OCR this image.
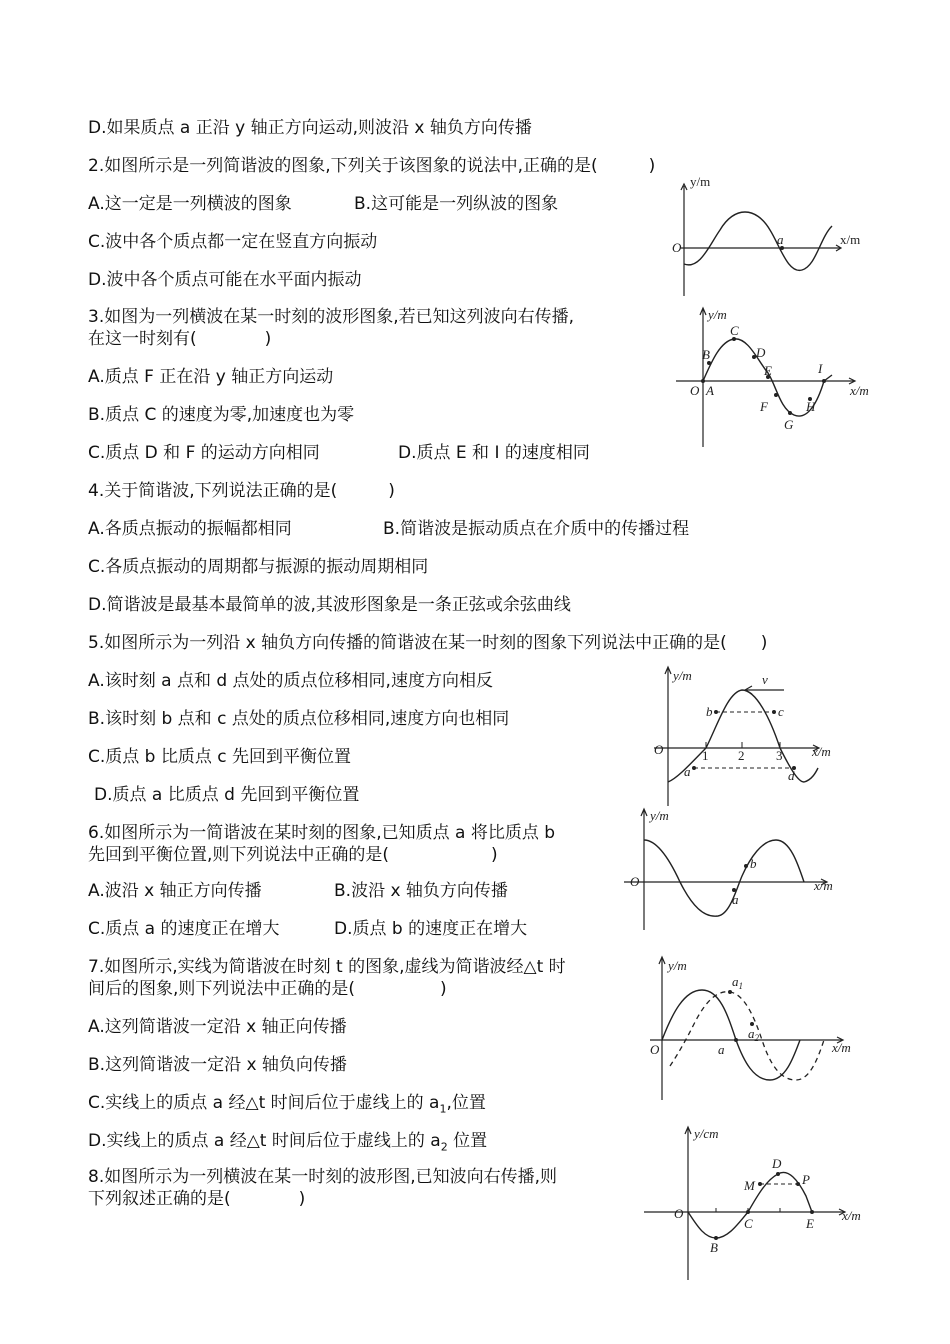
D.如果质点 a 正沿 y 轴正方向运动,则波沿 x 轴负方向传播
2.如图所示是一列简谐波的图象,下列关于该图象的说法中,正确的是(　　　)
A.这一定是一列横波的图象	B.这可能是一列纵波的图象
C.波中各个质点都一定在竖直方向振动
D.波中各个质点可能在水平面内振动
y/m
x/m
O
a
3.如图为一列横波在某一时刻的波形图象,若已知这列波向右传播,
在这一时刻有(　　　　)
A.质点 F 正在沿 y 轴正方向运动
B.质点 C 的速度为零,加速度也为零
C.质点 D 和 F 的运动方向相同	D.质点 E 和 I 的速度相同
y/m
x/m
O A
B
C
D
E
F
G
H
I
4.关于简谐波,下列说法正确的是(　　　)
A.各质点振动的振幅都相同	B.简谐波是振动质点在介质中的传播过程
C.各质点振动的周期都与振源的振动周期相同
D.简谐波是最基本最简单的波,其波形图象是一条正弦或余弦曲线
5.如图所示为一列沿 x 轴负方向传播的简谐波在某一时刻的图象下列说法中正确的是(　　)
A.该时刻 a 点和 d 点处的质点位移相同,速度方向相反
B.该时刻 b 点和 c 点处的质点位移相同,速度方向也相同
C.质点 b 比质点 c 先回到平衡位置
D.质点 a 比质点 d 先回到平衡位置
v
y/m
x/m
O	1 2 3
a
b	c
d
6.如图所示为一简谐波在某时刻的图象,已知质点 a 将比质点 b
先回到平衡位置,则下列说法中正确的是(　　　　　　)
A.波沿 x 轴正方向传播	B.波沿 x 轴负方向传播
C.质点 a 的速度正在增大	D.质点 b 的速度正在增大
y/m
x/m
O
a
b
7.如图所示,实线为简谐波在时刻 t 的图象,虚线为简谐波经△t 时
间后的图象,则下列说法中正确的是(　　　　　)
A.这列简谐波一定沿 x 轴正向传播
B.这列简谐波一定沿 x 轴负向传播
C.实线上的质点 a 经△t 时间后位于虚线上的 $a_1$,位置
D.实线上的质点 a 经△t 时间后位于虚线上的 $a_2$ 位置
y/m
x/m
O	a
$a_1$
$a_2$
8.如图所示为一列横波在某一时刻的波形图,已知波向右传播,则
下列叙述正确的是(　　　　)
y/cm
x/m
O
B
C
D
E
M	P
